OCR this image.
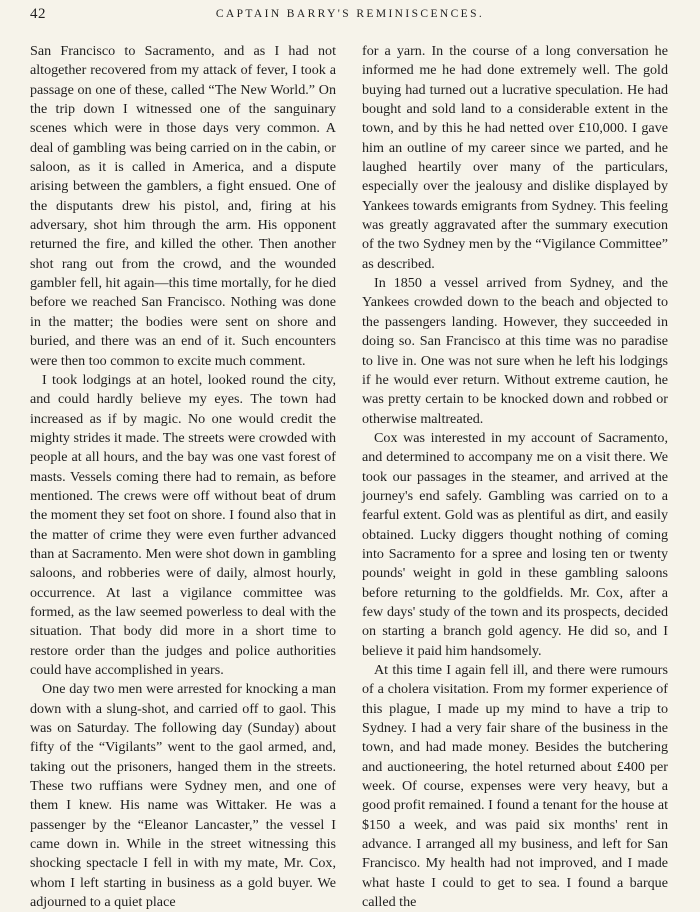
42	CAPTAIN BARRY'S REMINISCENCES.

San Francisco to Sacramento, and as I had not altogether recovered from my attack of fever, I took a passage on one of these, called “The New World.” On the trip down I witnessed one of the sanguinary scenes which were in those days very common. A deal of gambling was being carried on in the cabin, or saloon, as it is called in America, and a dispute arising between the gamblers, a fight ensued. One of the disputants drew his pistol, and, firing at his adversary, shot him through the arm. His opponent returned the fire, and killed the other. Then another shot rang out from the crowd, and the wounded gambler fell, hit again—this time mortally, for he died before we reached San Francisco. Nothing was done in the matter; the bodies were sent on shore and buried, and there was an end of it. Such encounters were then too common to excite much comment.

I took lodgings at an hotel, looked round the city, and could hardly believe my eyes. The town had increased as if by magic. No one would credit the mighty strides it made. The streets were crowded with people at all hours, and the bay was one vast forest of masts. Vessels coming there had to remain, as before mentioned. The crews were off without beat of drum the moment they set foot on shore. I found also that in the matter of crime they were even further advanced than at Sacramento. Men were shot down in gambling saloons, and robberies were of daily, almost hourly, occurrence. At last a vigilance committee was formed, as the law seemed powerless to deal with the situation. That body did more in a short time to restore order than the judges and police authorities could have accomplished in years.

One day two men were arrested for knocking a man down with a slung-shot, and carried off to gaol. This was on Saturday. The following day (Sunday) about fifty of the “Vigilants” went to the gaol armed, and, taking out the prisoners, hanged them in the streets. These two ruffians were Sydney men, and one of them I knew. His name was Wittaker. He was a passenger by the “Eleanor Lancaster,” the vessel I came down in. While in the street witnessing this shocking spectacle I fell in with my mate, Mr. Cox, whom I left starting in business as a gold buyer. We adjourned to a quiet place

for a yarn. In the course of a long conversation he informed me he had done extremely well. The gold buying had turned out a lucrative speculation. He had bought and sold land to a considerable extent in the town, and by this he had netted over £10,000. I gave him an outline of my career since we parted, and he laughed heartily over many of the particulars, especially over the jealousy and dislike displayed by Yankees towards emigrants from Sydney. This feeling was greatly aggravated after the summary execution of the two Sydney men by the “Vigilance Committee” as described.

In 1850 a vessel arrived from Sydney, and the Yankees crowded down to the beach and objected to the passengers landing. However, they succeeded in doing so. San Francisco at this time was no paradise to live in. One was not sure when he left his lodgings if he would ever return. Without extreme caution, he was pretty certain to be knocked down and robbed or otherwise maltreated.

Cox was interested in my account of Sacramento, and determined to accompany me on a visit there. We took our passages in the steamer, and arrived at the journey's end safely. Gambling was carried on to a fearful extent. Gold was as plentiful as dirt, and easily obtained. Lucky diggers thought nothing of coming into Sacramento for a spree and losing ten or twenty pounds' weight in gold in these gambling saloons before returning to the goldfields. Mr. Cox, after a few days' study of the town and its prospects, decided on starting a branch gold agency. He did so, and I believe it paid him handsomely.

At this time I again fell ill, and there were rumours of a cholera visitation. From my former experience of this plague, I made up my mind to have a trip to Sydney. I had a very fair share of the business in the town, and had made money. Besides the butchering and auctioneering, the hotel returned about £400 per week. Of course, expenses were very heavy, but a good profit remained. I found a tenant for the house at $150 a week, and was paid six months' rent in advance. I arranged all my business, and left for San Francisco. My health had not improved, and I made what haste I could to get to sea. I found a barque called the
